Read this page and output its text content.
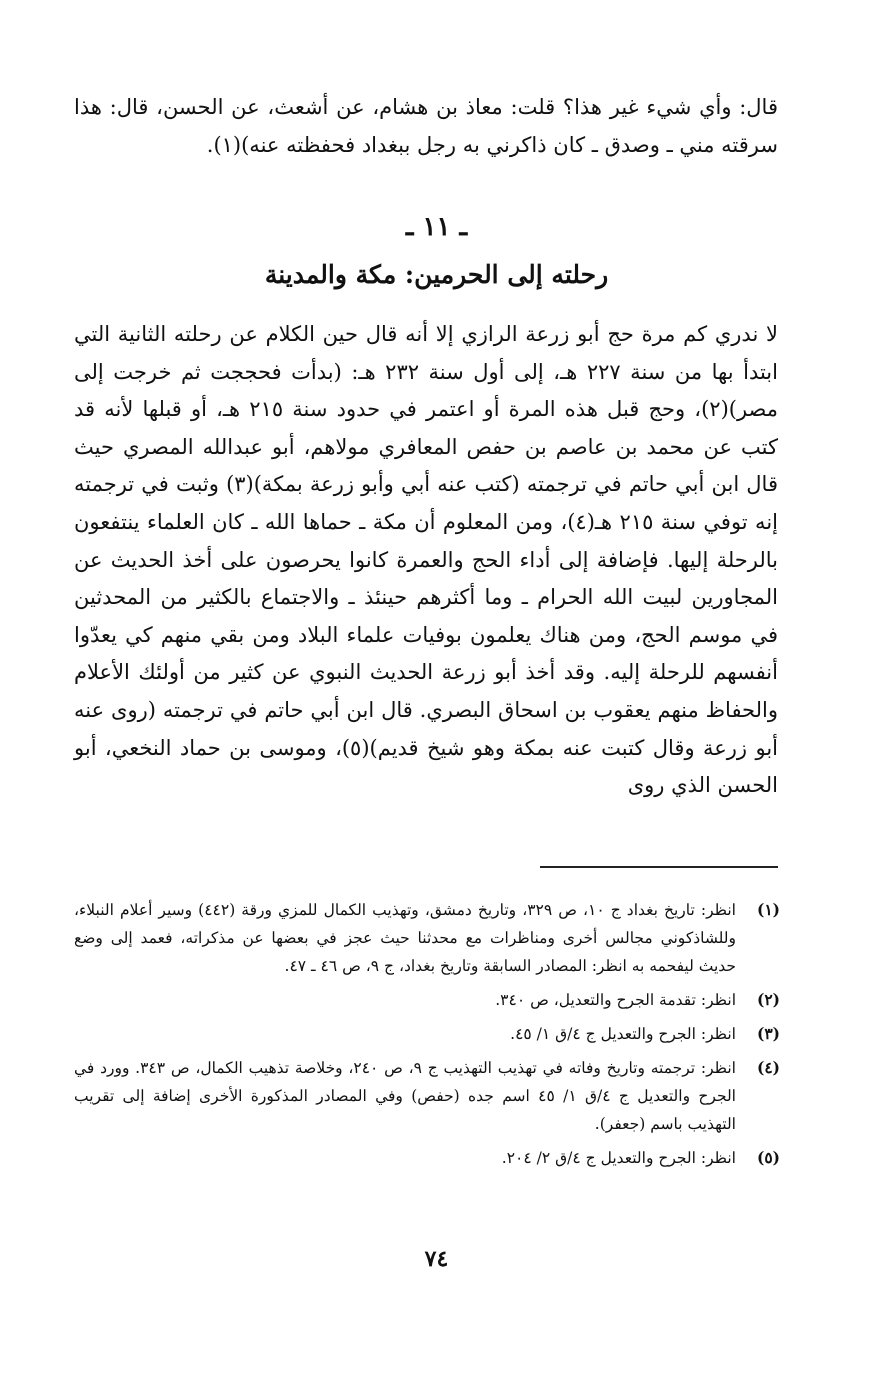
قال: وأي شيء غير هذا؟ قلت: معاذ بن هشام، عن أشعث، عن الحسن، قال: هذا سرقته مني ـ وصدق ـ كان ذاكرني به رجل ببغداد فحفظته عنه)(١).
ـ ١١ ـ
رحلته إلى الحرمين: مكة والمدينة
لا ندري كم مرة حج أبو زرعة الرازي إلا أنه قال حين الكلام عن رحلته الثانية التي ابتدأ بها من سنة ٢٢٧ هـ، إلى أول سنة ٢٣٢ هـ: (بدأت فحججت ثم خرجت إلى مصر)(٢)، وحج قبل هذه المرة أو اعتمر في حدود سنة ٢١٥ هـ، أو قبلها لأنه قد كتب عن محمد بن عاصم بن حفص المعافري مولاهم، أبو عبدالله المصري حيث قال ابن أبي حاتم في ترجمته (كتب عنه أبي وأبو زرعة بمكة)(٣) وثبت في ترجمته إنه توفي سنة ٢١٥ هـ(٤)، ومن المعلوم أن مكة ـ حماها الله ـ كان العلماء ينتفعون بالرحلة إليها. فإضافة إلى أداء الحج والعمرة كانوا يحرصون على أخذ الحديث عن المجاورين لبيت الله الحرام ـ وما أكثرهم حينئذ ـ والاجتماع بالكثير من المحدثين في موسم الحج، ومن هناك يعلمون بوفيات علماء البلاد ومن بقي منهم كي يعدّوا أنفسهم للرحلة إليه. وقد أخذ أبو زرعة الحديث النبوي عن كثير من أولئك الأعلام والحفاظ منهم يعقوب بن اسحاق البصري. قال ابن أبي حاتم في ترجمته (روى عنه أبو زرعة وقال كتبت عنه بمكة وهو شيخ قديم)(٥)، وموسى بن حماد النخعي، أبو الحسن الذي روى
(١)
انظر: تاريخ بغداد ج ١٠، ص ٣٢٩، وتاريخ دمشق، وتهذيب الكمال للمزي ورقة (٤٤٢) وسير أعلام النبلاء، وللشاذكوني مجالس أخرى ومناظرات مع محدثنا حيث عجز في بعضها عن مذكراته، فعمد إلى وضع حديث ليفحمه به انظر: المصادر السابقة وتاريخ بغداد، ج ٩، ص ٤٦ ـ ٤٧.
(٢)
انظر: تقدمة الجرح والتعديل، ص ٣٤٠.
(٣)
انظر: الجرح والتعديل ج ٤/ق ١/ ٤٥.
(٤)
انظر: ترجمته وتاريخ وفاته في تهذيب التهذيب ج ٩، ص ٢٤٠، وخلاصة تذهيب الكمال، ص ٣٤٣. وورد في الجرح والتعديل ج ٤/ق ١/ ٤٥ اسم جده (حفص) وفي المصادر المذكورة الأخرى إضافة إلى تقريب التهذيب باسم (جعفر).
(٥)
انظر: الجرح والتعديل ج ٤/ق ٢/ ٢٠٤.
٧٤
